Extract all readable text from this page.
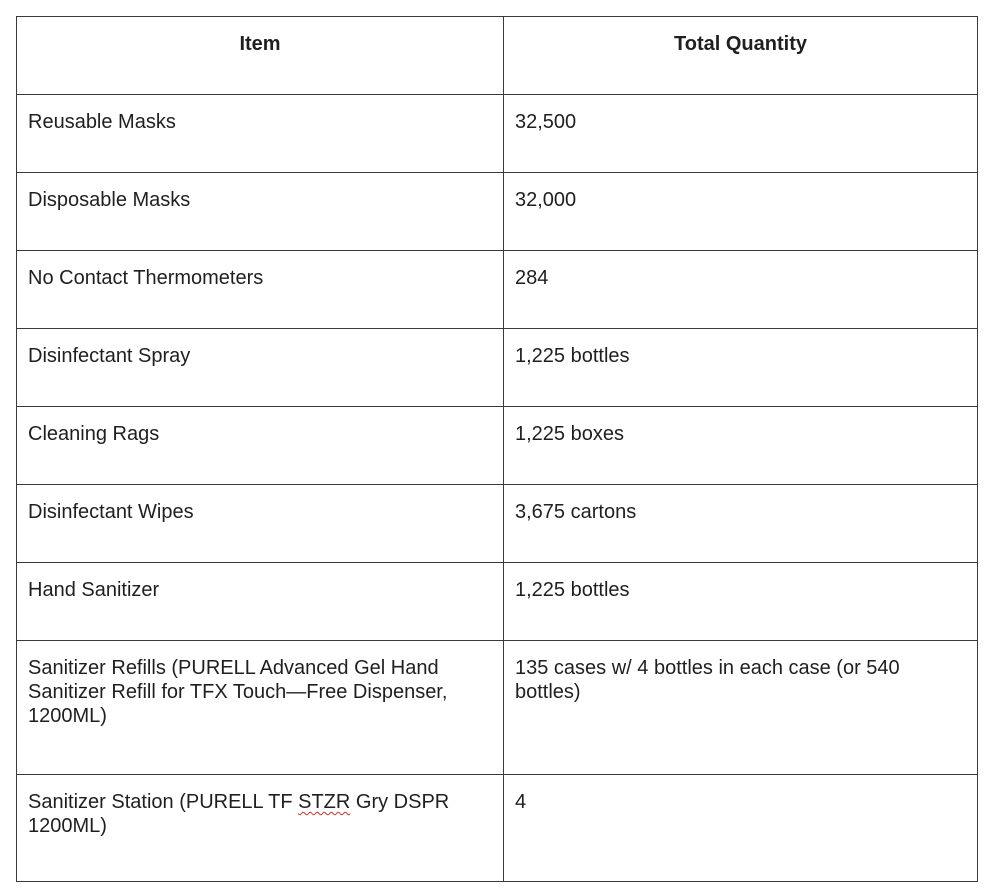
Item	Total Quantity
Reusable Masks	32,500
Disposable Masks	32,000
No Contact Thermometers	284
Disinfectant Spray	1,225 bottles
Cleaning Rags	1,225 boxes
Disinfectant Wipes	3,675 cartons
Hand Sanitizer	1,225 bottles
Sanitizer Refills (PURELL Advanced Gel Hand Sanitizer Refill for TFX Touch—Free Dispenser, 1200ML)	135 cases w/ 4 bottles in each case (or 540 bottles)
Sanitizer Station (PURELL TF STZR Gry DSPR 1200ML)	4
